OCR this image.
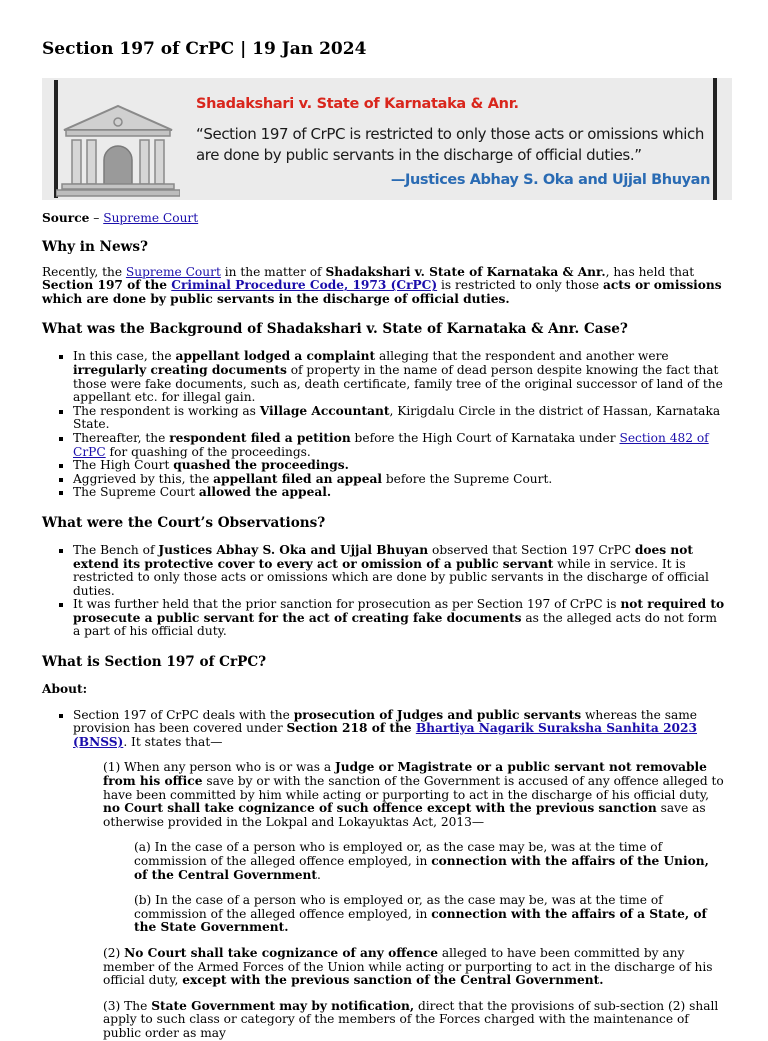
Section 197 of CrPC | 19 Jan 2024
Shadakshari v. State of Karnataka & Anr.
“Section 197 of CrPC is restricted to only those acts or omissions which are done by public servants in the discharge of official duties.”
—Justices Abhay S. Oka and Ujjal Bhuyan

Source – Supreme Court

Why in News?

Recently, the Supreme Court in the matter of Shadakshari v. State of Karnataka & Anr., has held that Section 197 of the Criminal Procedure Code, 1973 (CrPC) is restricted to only those acts or omissions which are done by public servants in the discharge of official duties.

What was the Background of Shadakshari v. State of Karnataka & Anr. Case?
▪ In this case, the appellant lodged a complaint alleging that the respondent and another were irregularly creating documents of property in the name of dead person despite knowing the fact that those were fake documents, such as, death certificate, family tree of the original successor of land of the appellant etc. for illegal gain.
▪ The respondent is working as Village Accountant, Kirigdalu Circle in the district of Hassan, Karnataka State.
▪ Thereafter, the respondent filed a petition before the High Court of Karnataka under Section 482 of CrPC for quashing of the proceedings.
▪ The High Court quashed the proceedings.
▪ Aggrieved by this, the appellant filed an appeal before the Supreme Court.
▪ The Supreme Court allowed the appeal.
What were the Court’s Observations?
▪ The Bench of Justices Abhay S. Oka and Ujjal Bhuyan observed that Section 197 CrPC does not extend its protective cover to every act or omission of a public servant while in service. It is restricted to only those acts or omissions which are done by public servants in the discharge of official duties.
▪ It was further held that the prior sanction for prosecution as per Section 197 of CrPC is not required to prosecute a public servant for the act of creating fake documents as the alleged acts do not form a part of his official duty.
What is Section 197 of CrPC?

About:

▪ Section 197 of CrPC deals with the prosecution of Judges and public servants whereas the same provision has been covered under Section 218 of the Bhartiya Nagarik Suraksha Sanhita 2023 (BNSS). It states that—

(1) When any person who is or was a Judge or Magistrate or a public servant not removable from his office save by or with the sanction of the Government is accused of any offence alleged to have been committed by him while acting or purporting to act in the discharge of his official duty, no Court shall take cognizance of such offence except with the previous sanction save as otherwise provided in the Lokpal and Lokayuktas Act, 2013—

(a) In the case of a person who is employed or, as the case may be, was at the time of commission of the alleged offence employed, in connection with the affairs of the Union, of the Central Government.

(b) In the case of a person who is employed or, as the case may be, was at the time of commission of the alleged offence employed, in connection with the affairs of a State, of the State Government.

(2) No Court shall take cognizance of any offence alleged to have been committed by any member of the Armed Forces of the Union while acting or purporting to act in the discharge of his official duty, except with the previous sanction of the Central Government.

(3) The State Government may by notification, direct that the provisions of sub-section (2) shall apply to such class or category of the members of the Forces charged with the maintenance of public order as may
